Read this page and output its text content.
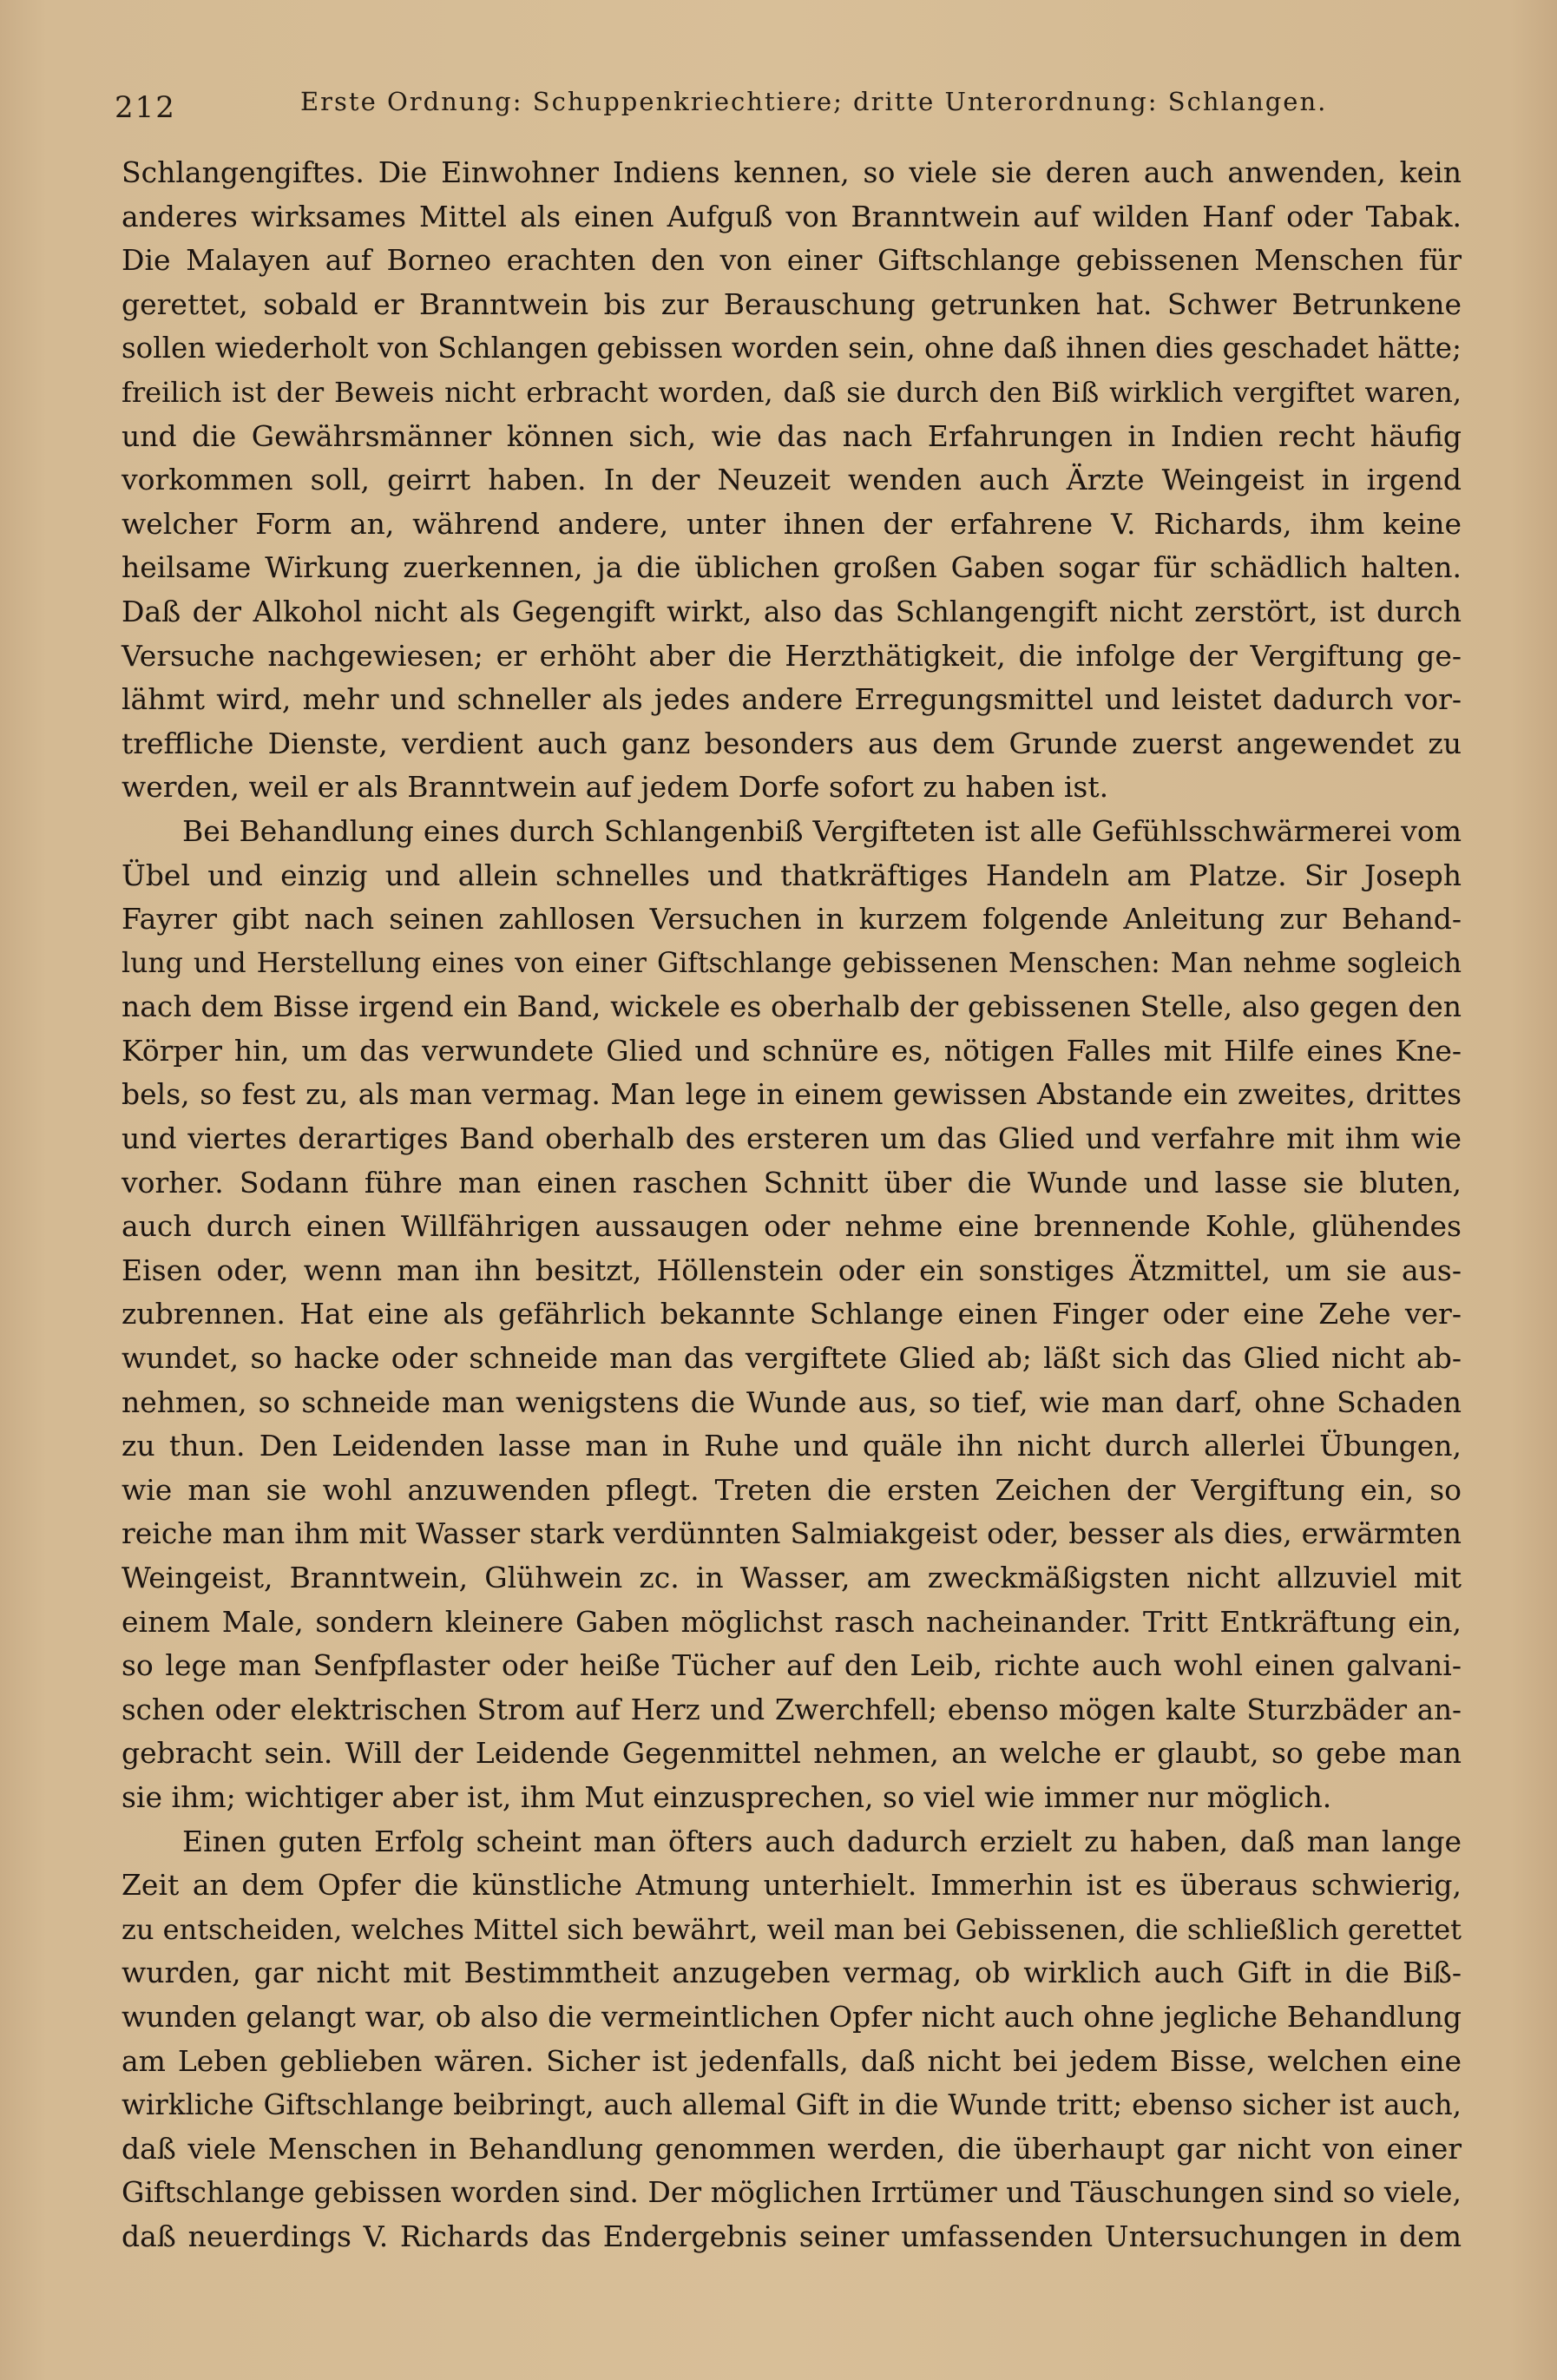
212	Erste Ordnung: Schuppenkriechtiere; dritte Unterordnung: Schlangen.
Schlangengiftes. Die Einwohner Indiens kennen, so viele sie deren auch anwenden, kein
anderes wirksames Mittel als einen Aufguß von Branntwein auf wilden Hanf oder Tabak.
Die Malayen auf Borneo erachten den von einer Giftschlange gebissenen Menschen für
gerettet, sobald er Branntwein bis zur Berauschung getrunken hat. Schwer Betrunkene
sollen wiederholt von Schlangen gebissen worden sein, ohne daß ihnen dies geschadet hätte;
freilich ist der Beweis nicht erbracht worden, daß sie durch den Biß wirklich vergiftet waren,
und die Gewährsmänner können sich, wie das nach Erfahrungen in Indien recht häufig
vorkommen soll, geirrt haben. In der Neuzeit wenden auch Ärzte Weingeist in irgend
welcher Form an, während andere, unter ihnen der erfahrene V. Richards, ihm keine
heilsame Wirkung zuerkennen, ja die üblichen großen Gaben sogar für schädlich halten.
Daß der Alkohol nicht als Gegengift wirkt, also das Schlangengift nicht zerstört, ist durch
Versuche nachgewiesen; er erhöht aber die Herzthätigkeit, die infolge der Vergiftung ge-
lähmt wird, mehr und schneller als jedes andere Erregungsmittel und leistet dadurch vor-
treffliche Dienste, verdient auch ganz besonders aus dem Grunde zuerst angewendet zu
werden, weil er als Branntwein auf jedem Dorfe sofort zu haben ist.
Bei Behandlung eines durch Schlangenbiß Vergifteten ist alle Gefühlsschwärmerei vom
Übel und einzig und allein schnelles und thatkräftiges Handeln am Platze. Sir Joseph
Fayrer gibt nach seinen zahllosen Versuchen in kurzem folgende Anleitung zur Behand-
lung und Herstellung eines von einer Giftschlange gebissenen Menschen: Man nehme sogleich
nach dem Bisse irgend ein Band, wickele es oberhalb der gebissenen Stelle, also gegen den
Körper hin, um das verwundete Glied und schnüre es, nötigen Falles mit Hilfe eines Kne-
bels, so fest zu, als man vermag. Man lege in einem gewissen Abstande ein zweites, drittes
und viertes derartiges Band oberhalb des ersteren um das Glied und verfahre mit ihm wie
vorher. Sodann führe man einen raschen Schnitt über die Wunde und lasse sie bluten,
auch durch einen Willfährigen aussaugen oder nehme eine brennende Kohle, glühendes
Eisen oder, wenn man ihn besitzt, Höllenstein oder ein sonstiges Ätzmittel, um sie aus-
zubrennen. Hat eine als gefährlich bekannte Schlange einen Finger oder eine Zehe ver-
wundet, so hacke oder schneide man das vergiftete Glied ab; läßt sich das Glied nicht ab-
nehmen, so schneide man wenigstens die Wunde aus, so tief, wie man darf, ohne Schaden
zu thun. Den Leidenden lasse man in Ruhe und quäle ihn nicht durch allerlei Übungen,
wie man sie wohl anzuwenden pflegt. Treten die ersten Zeichen der Vergiftung ein, so
reiche man ihm mit Wasser stark verdünnten Salmiakgeist oder, besser als dies, erwärmten
Weingeist, Branntwein, Glühwein zc. in Wasser, am zweckmäßigsten nicht allzuviel mit
einem Male, sondern kleinere Gaben möglichst rasch nacheinander. Tritt Entkräftung ein,
so lege man Senfpflaster oder heiße Tücher auf den Leib, richte auch wohl einen galvani-
schen oder elektrischen Strom auf Herz und Zwerchfell; ebenso mögen kalte Sturzbäder an-
gebracht sein. Will der Leidende Gegenmittel nehmen, an welche er glaubt, so gebe man
sie ihm; wichtiger aber ist, ihm Mut einzusprechen, so viel wie immer nur möglich.
Einen guten Erfolg scheint man öfters auch dadurch erzielt zu haben, daß man lange
Zeit an dem Opfer die künstliche Atmung unterhielt. Immerhin ist es überaus schwierig,
zu entscheiden, welches Mittel sich bewährt, weil man bei Gebissenen, die schließlich gerettet
wurden, gar nicht mit Bestimmtheit anzugeben vermag, ob wirklich auch Gift in die Biß-
wunden gelangt war, ob also die vermeintlichen Opfer nicht auch ohne jegliche Behandlung
am Leben geblieben wären. Sicher ist jedenfalls, daß nicht bei jedem Bisse, welchen eine
wirkliche Giftschlange beibringt, auch allemal Gift in die Wunde tritt; ebenso sicher ist auch,
daß viele Menschen in Behandlung genommen werden, die überhaupt gar nicht von einer
Giftschlange gebissen worden sind. Der möglichen Irrtümer und Täuschungen sind so viele,
daß neuerdings V. Richards das Endergebnis seiner umfassenden Untersuchungen in dem
